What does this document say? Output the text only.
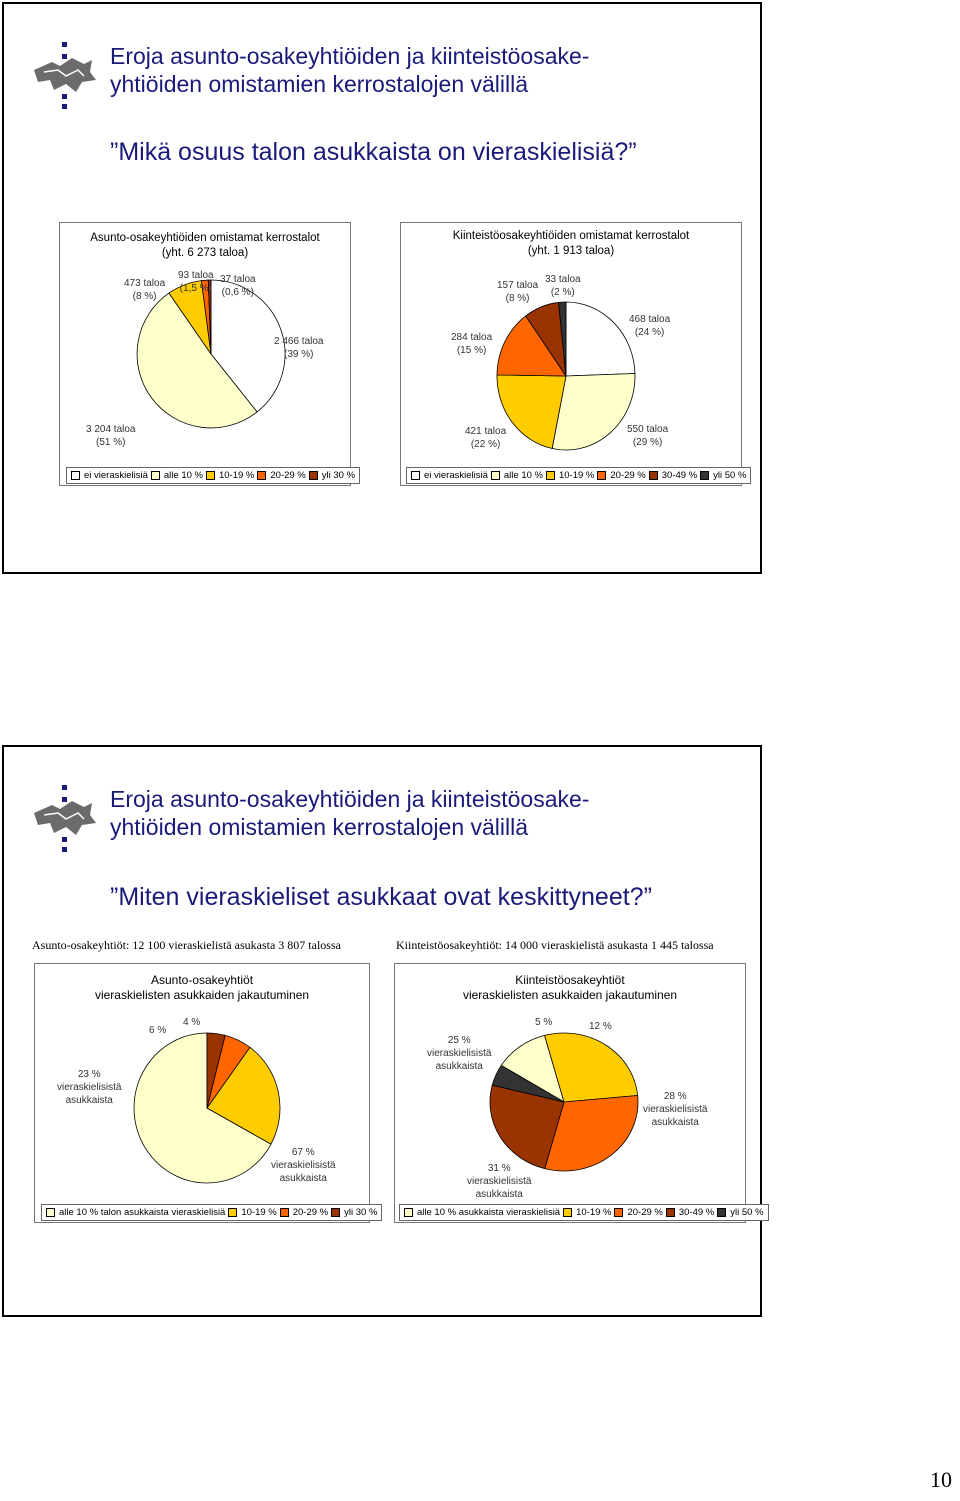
Eroja asunto-osakeyhtiöiden ja kiinteistöosake-
yhtiöiden omistamien kerrostalojen välillä
”Mikä osuus talon asukkaista on vieraskielisiä?”
Asunto-osakeyhtiöiden omistamat kerrostalot
(yht. 6 273 taloa)
2 466 taloa
(39 %)
3 204 taloa
(51 %)
473 taloa
(8 %)
93 taloa
(1,5 %)
37 taloa
(0,6 %)
ei vieraskielisiä alle 10 % 10-19 % 20-29 % yli 30 %
Kiinteistöosakeyhtiöiden omistamat kerrostalot
(yht. 1 913 taloa)
468 taloa
(24 %)
550 taloa
(29 %)
421 taloa
(22 %)
284 taloa
(15 %)
157 taloa
(8 %)
33 taloa
(2 %)
ei vieraskielisiä alle 10 % 10-19 % 20-29 % 30-49 % yli 50 %
Eroja asunto-osakeyhtiöiden ja kiinteistöosake-
yhtiöiden omistamien kerrostalojen välillä
”Miten vieraskieliset asukkaat ovat keskittyneet?”
Asunto-osakeyhtiöt: 12 100 vieraskielistä asukasta 3 807 talossa	Kiinteistöosakeyhtiöt: 14 000 vieraskielistä asukasta 1 445 talossa
Asunto-osakeyhtiöt
vieraskielisten asukkaiden jakautuminen
67 %
vieraskielisistä
asukkaista
23 %
vieraskielisistä
asukkaista
6 %
4 %
alle 10 % talon asukkaista vieraskielisiä 10-19 % 20-29 % yli 30 %
Kiinteistöosakeyhtiöt
vieraskielisten asukkaiden jakautuminen
12 %
28 %
vieraskielisistä
asukkaista
31 %
vieraskielisistä
asukkaista
25 %
vieraskielisistä
asukkaista
5 %
alle 10 % asukkaista vieraskielisiä 10-19 % 20-29 % 30-49 % yli 50 %
10
